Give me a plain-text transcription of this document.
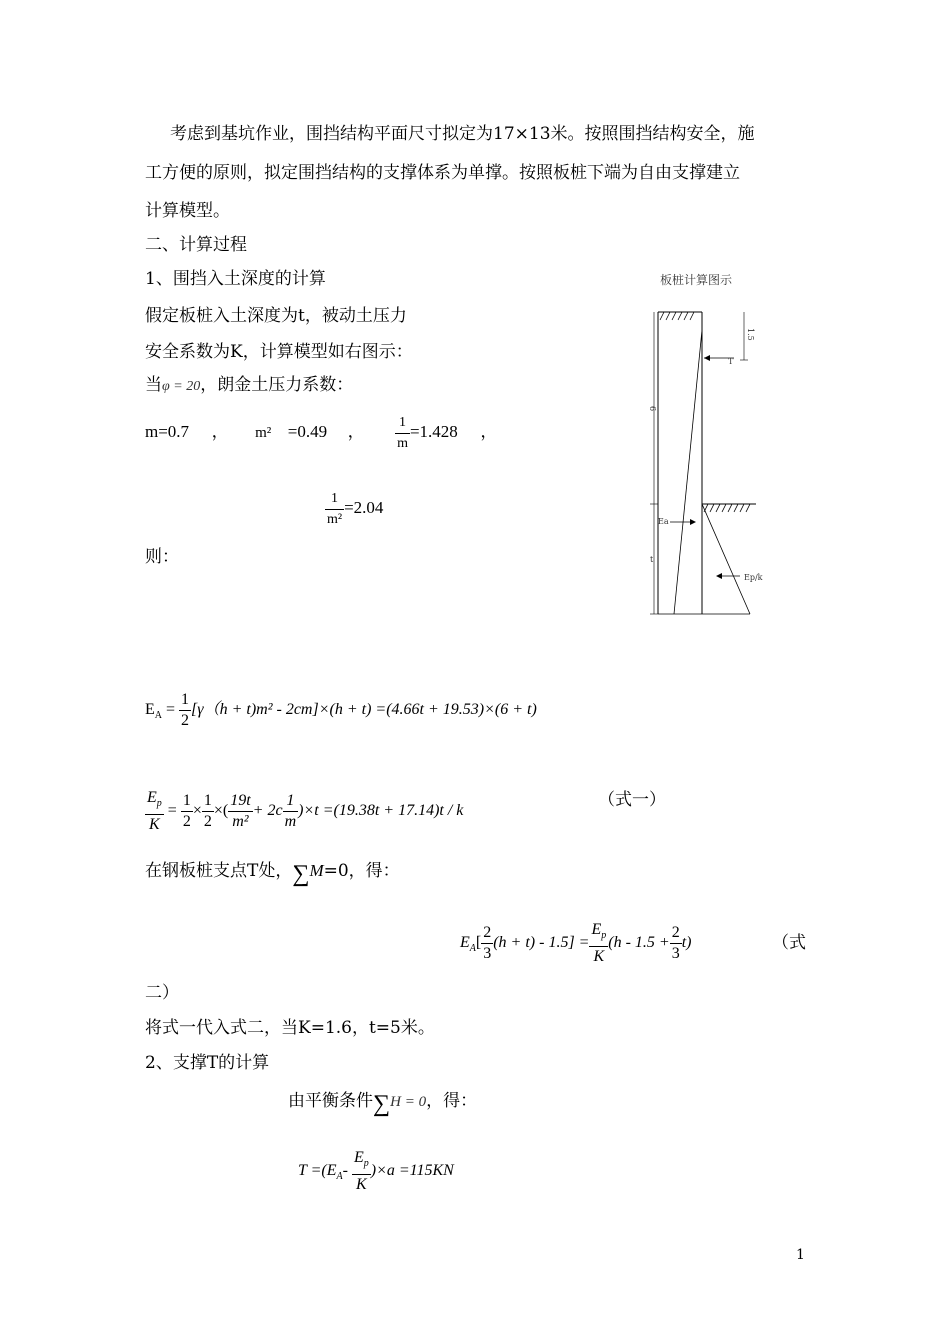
考虑到基坑作业，围挡结构平面尺寸拟定为17×13米。按照围挡结构安全，施
工方便的原则，拟定围挡结构的支撑体系为单撑。按照板桩下端为自由支撑建立
计算模型。
二、计算过程
1、围挡入土深度的计算
假定板桩入土深度为t，被动土压力
安全系数为K，计算模型如右图示：
当φ = 20，朗金土压力系数：
m=0.7 ， m² =0.49 ， $\frac{1}{m} =1.428$ ，
$\frac{1}{\text{m²}} =2.04$
则：
$E_A = \frac{1}{2} [\gamma(h + t)m^2 - 2cm]\times(h + t) =(4.66t + 19.53)\times(6 + t)$
$\frac{E_p}{K} = \frac{1}{2} \times \frac{1}{2}$ ×( $\frac{19t}{\text{m²}} + 2c \frac{1}{m} )\times t =(19.38t + 17.14)t / k$
（式一）
在钢板桩支点T处，∑M=0，得：
$E_A[ \frac{2}{3} (h + t) - 1.5] = \frac{E_p}{K} (h - 1.5 + \frac{2}{3} t)$	（式
二）
将式一代入式二，当K=1.6，t=5米。
2、支撑T的计算
由平衡条件∑H = 0，得：
$T =(E_A- \frac{E_p}{K} )\times a =115KN$
板桩计算图示
6
t
1.5
T
Ea
Ep/k
1
